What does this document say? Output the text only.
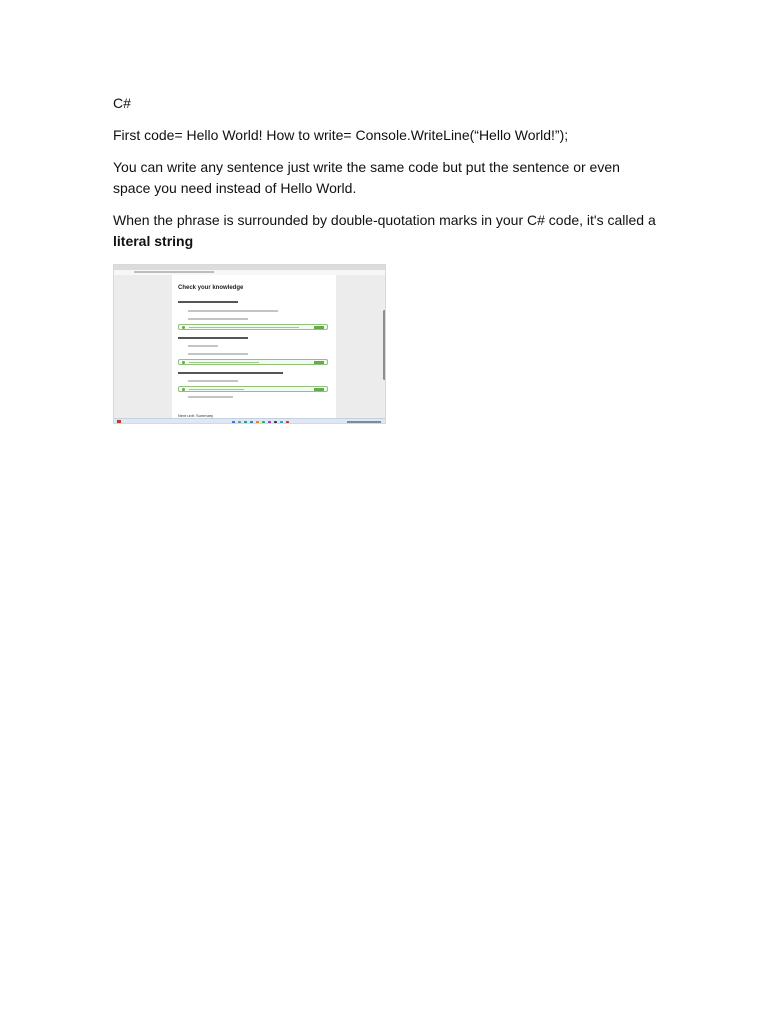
C#

First code= Hello World! How to write= Console.WriteLine(“Hello World!”);

You can write any sentence just write the same code but put the sentence or even space you need instead of Hello World.

When the phrase is surrounded by double-quotation marks in your C# code, it's called a literal string

Check your knowledge
Next unit: Summary
